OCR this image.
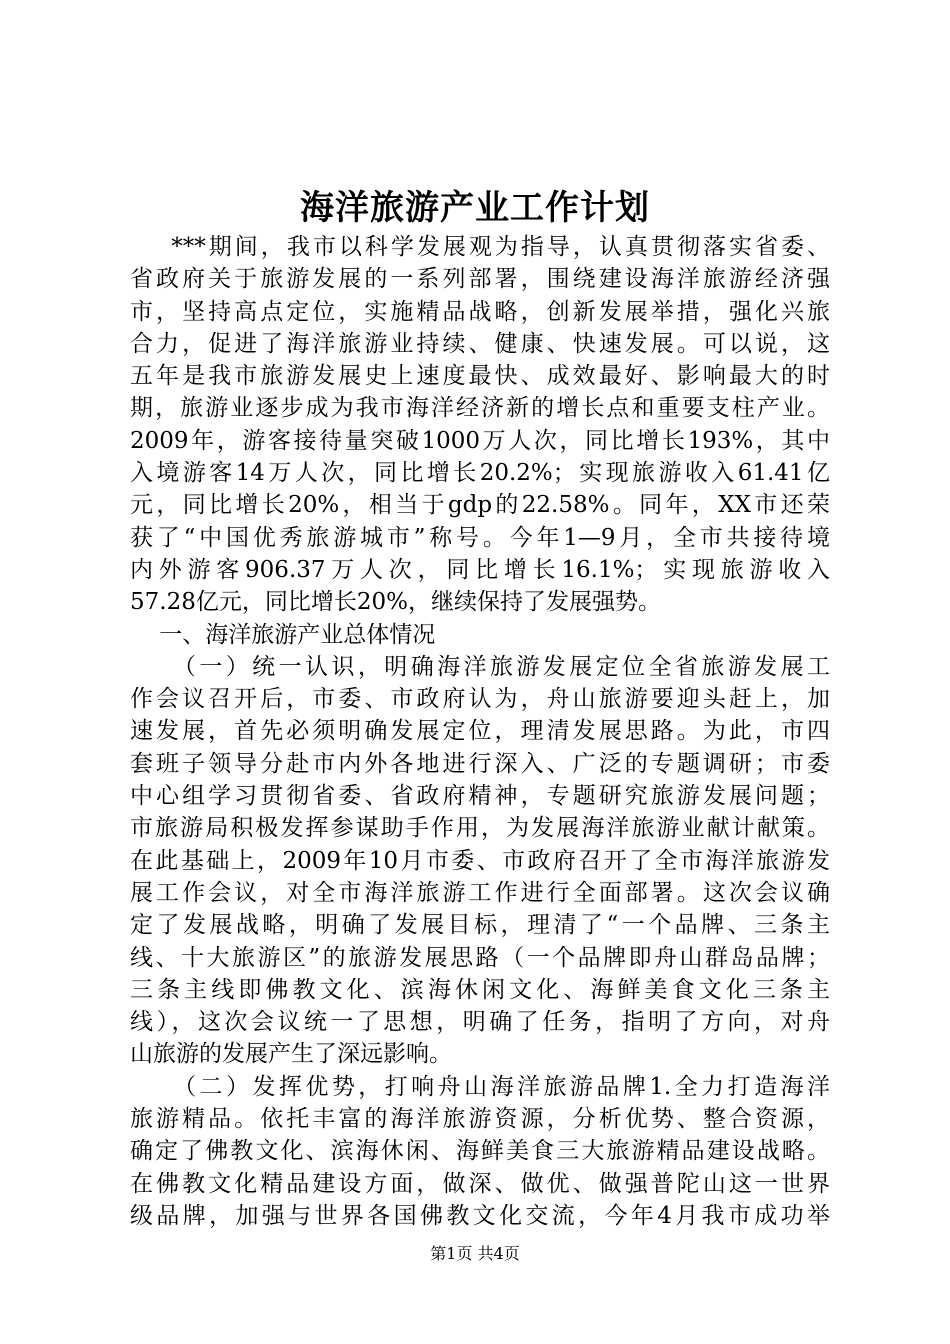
海洋旅游产业工作计划
***期间，我市以科学发展观为指导，认真贯彻落实省委、
省政府关于旅游发展的一系列部署，围绕建设海洋旅游经济强
市，坚持高点定位，实施精品战略，创新发展举措，强化兴旅
合力，促进了海洋旅游业持续、健康、快速发展。可以说，这
五年是我市旅游发展史上速度最快、成效最好、影响最大的时
期，旅游业逐步成为我市海洋经济新的增长点和重要支柱产业。
2009年，游客接待量突破1000万人次，同比增长193%，其中
入境游客14万人次，同比增长20.2%；实现旅游收入61.41亿
元，同比增长20%，相当于gdp的22.58%。同年，XX市还荣
获了“中国优秀旅游城市”称号。今年1—9月，全市共接待境
内外游客906.37万人次，同比增长16.1%；实现旅游收入
57.28亿元，同比增长20%，继续保持了发展强势。
一、海洋旅游产业总体情况
（一）统一认识，明确海洋旅游发展定位全省旅游发展工
作会议召开后，市委、市政府认为，舟山旅游要迎头赶上，加
速发展，首先必须明确发展定位，理清发展思路。为此，市四
套班子领导分赴市内外各地进行深入、广泛的专题调研；市委
中心组学习贯彻省委、省政府精神，专题研究旅游发展问题；
市旅游局积极发挥参谋助手作用，为发展海洋旅游业献计献策。
在此基础上，2009年10月市委、市政府召开了全市海洋旅游发
展工作会议，对全市海洋旅游工作进行全面部署。这次会议确
定了发展战略，明确了发展目标，理清了“一个品牌、三条主
线、十大旅游区”的旅游发展思路（一个品牌即舟山群岛品牌；
三条主线即佛教文化、滨海休闲文化、海鲜美食文化三条主
线），这次会议统一了思想，明确了任务，指明了方向，对舟
山旅游的发展产生了深远影响。
（二）发挥优势，打响舟山海洋旅游品牌1.全力打造海洋
旅游精品。依托丰富的海洋旅游资源，分析优势、整合资源，
确定了佛教文化、滨海休闲、海鲜美食三大旅游精品建设战略。
在佛教文化精品建设方面，做深、做优、做强普陀山这一世界
级品牌，加强与世界各国佛教文化交流，今年4月我市成功举
第1页 共4页
